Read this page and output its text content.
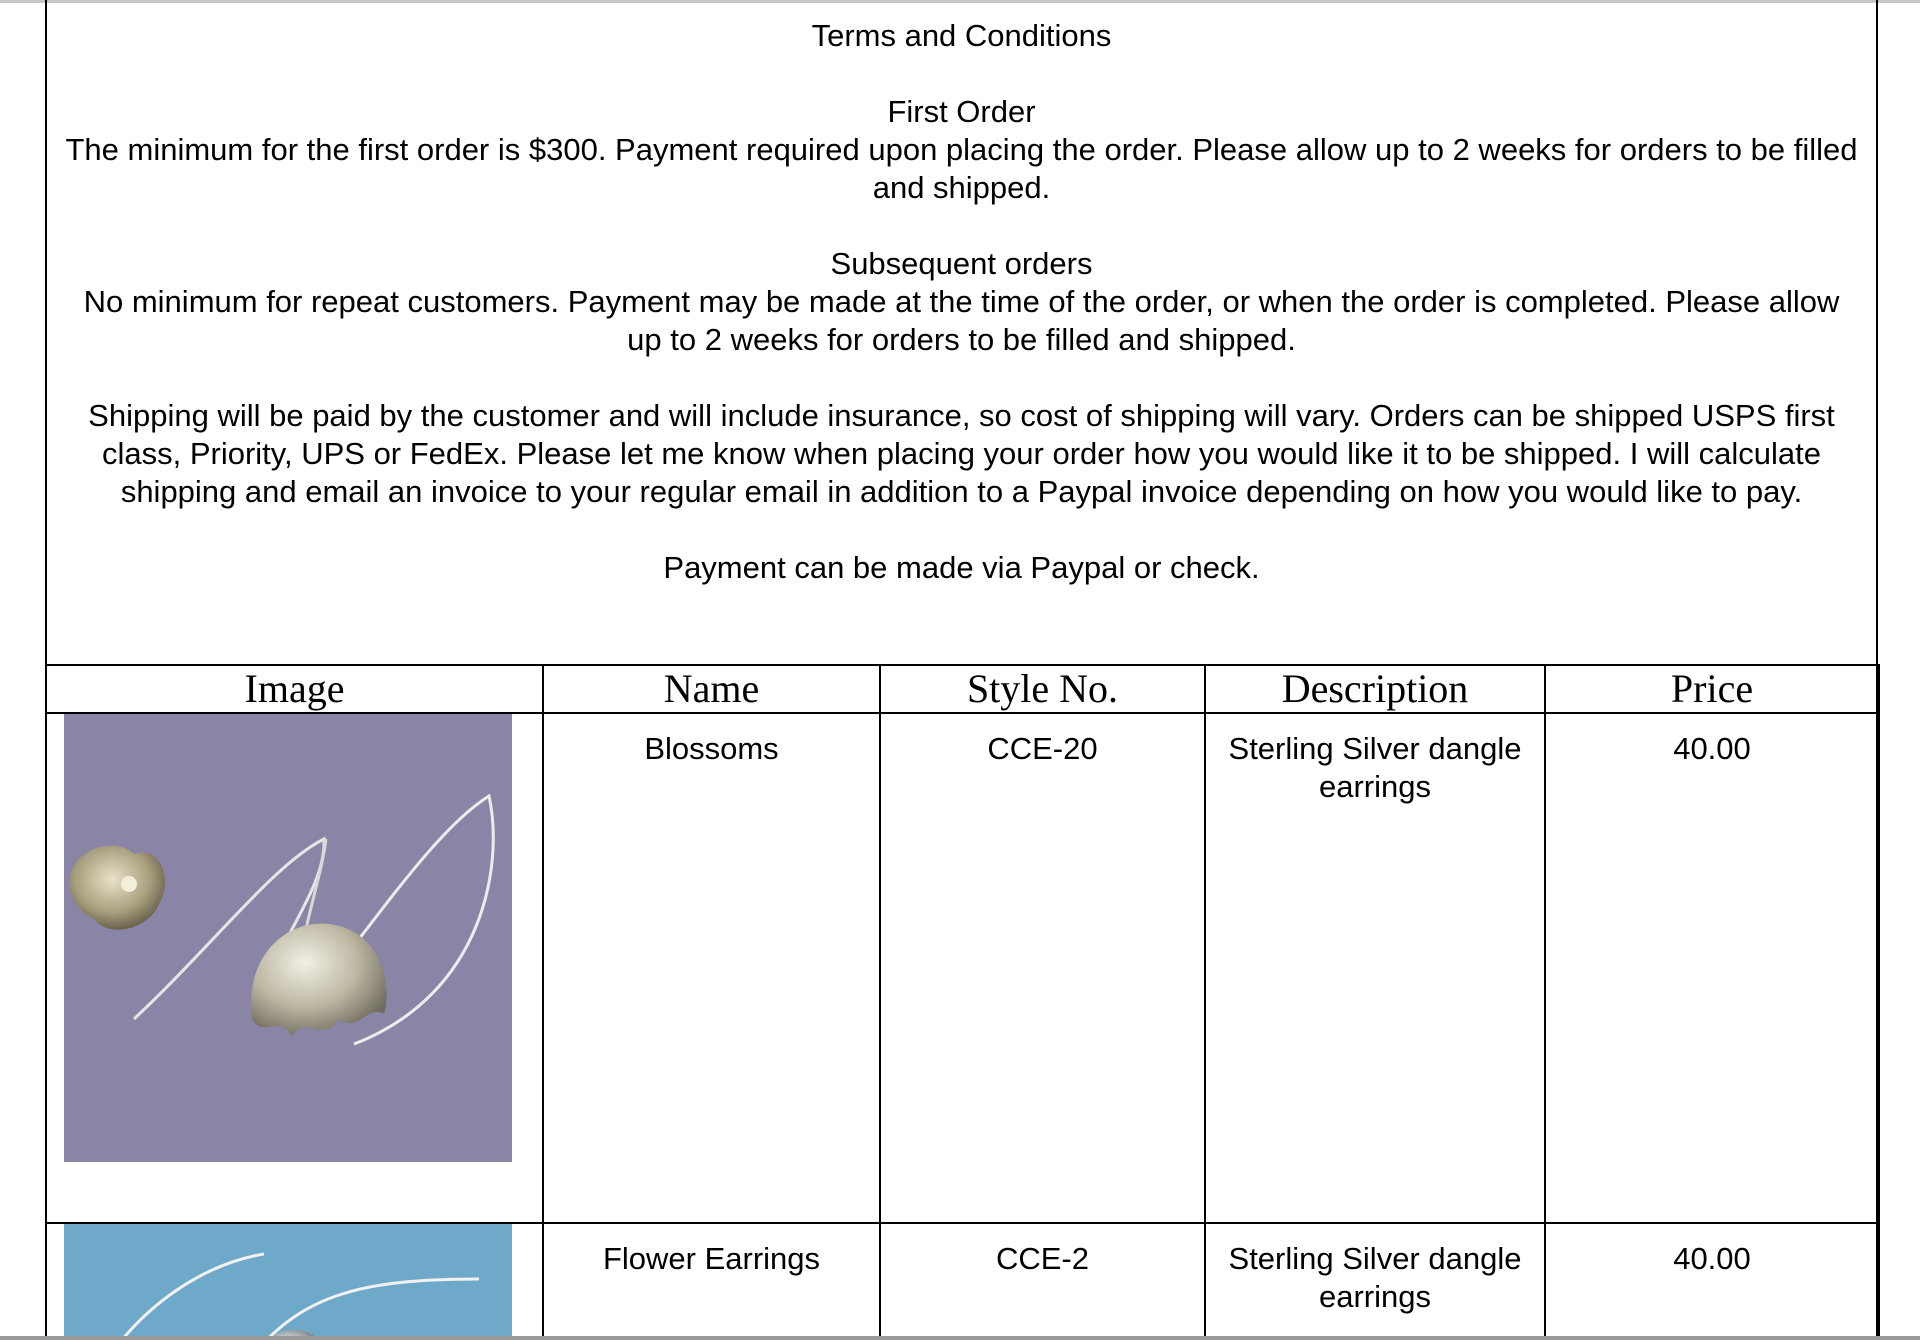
Terms and Conditions

First Order
The minimum for the first order is $300. Payment required upon placing the order. Please allow up to 2 weeks for orders to be filled and shipped.

Subsequent orders
No minimum for repeat customers. Payment may be made at the time of the order, or when the order is completed. Please allow up to 2 weeks for orders to be filled and shipped.

Shipping will be paid by the customer and will include insurance, so cost of shipping will vary. Orders can be shipped USPS first class, Priority, UPS or FedEx. Please let me know when placing your order how you would like it to be shipped. I will calculate shipping and email an invoice to your regular email in addition to a Paypal invoice depending on how you would like to pay.

Payment can be made via Paypal or check.

Image	Name	Style No.	Description	Price

	Blossoms	CCE-20	Sterling Silver dangle earrings	40.00

	Flower Earrings	CCE-2	Sterling Silver dangle earrings	40.00
